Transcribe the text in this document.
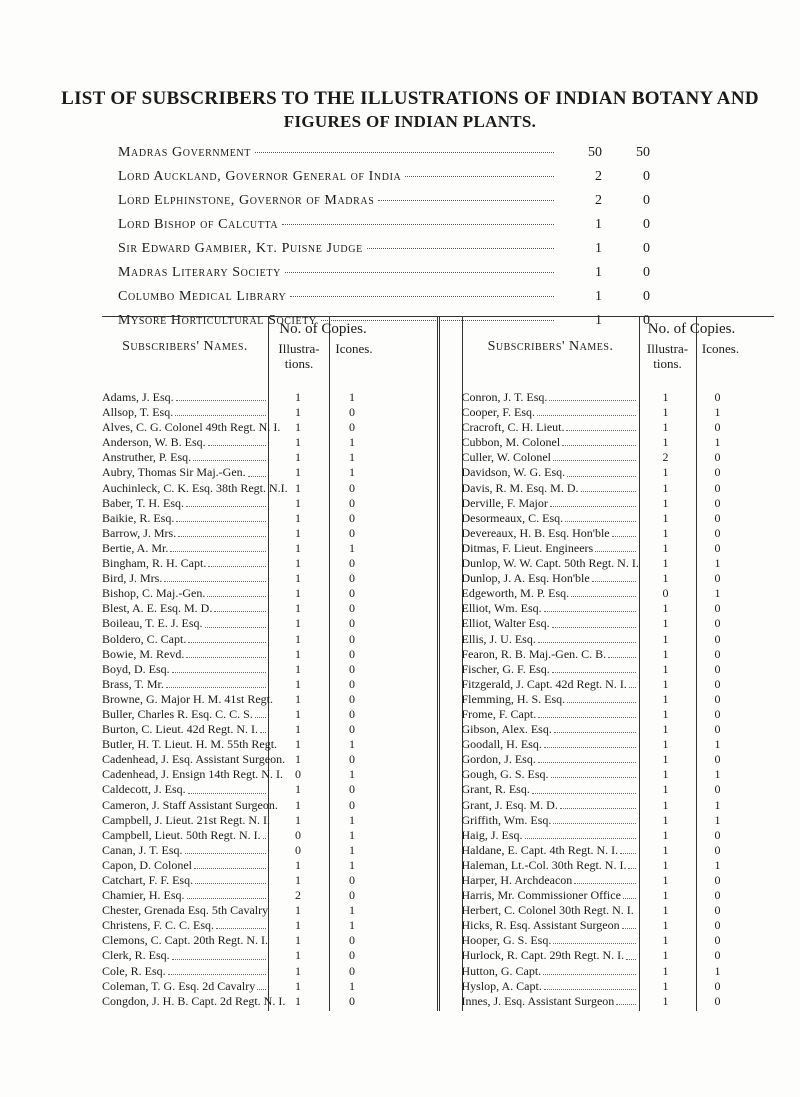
LIST OF SUBSCRIBERS TO THE ILLUSTRATIONS OF INDIAN BOTANY AND
FIGURES OF INDIAN PLANTS.
Madras Government	50	50
Lord Auckland, Governor General of India	2	0
Lord Elphinstone, Governor of Madras	2	0
Lord Bishop of Calcutta	1	0
Sir Edward Gambier, Kt. Puisne Judge	1	0
Madras Literary Society	1	0
Columbo Medical Library	1	0
Mysore Horticultural Society	1	0
Subscribers' Names.
No. of Copies.
Illustra-
tions.
Icones.
Adams, J. Esq.	1	1
Allsop, T. Esq.	1	0
Alves, C. G. Colonel 49th Regt. N. I.	1	0
Anderson, W. B. Esq.	1	1
Anstruther, P. Esq.	1	1
Aubry, Thomas Sir Maj.-Gen.	1	1
Auchinleck, C. K. Esq. 38th Regt. N.I. 1	0
Baber, T. H. Esq.	1	0
Baikie, R. Esq.	1	0
Barrow, J. Mrs.	1	0
Bertie, A. Mr.	1	1
Bingham, R. H. Capt.	1	0
Bird, J. Mrs.	1	0
Bishop, C. Maj.-Gen.	1	0
Blest, A. E. Esq. M. D.	1	0
Boileau, T. E. J. Esq.	1	0
Boldero, C. Capt.	1	0
Bowie, M. Revd.	1	0
Boyd, D. Esq.	1	0
Brass, T. Mr.	1	0
Browne, G. Major H. M. 41st Regt.	1	0
Buller, Charles R. Esq. C. C. S.	1	0
Burton, C. Lieut. 42d Regt. N. I.	1	0
Butler, H. T. Lieut. H. M. 55th Regt.	1	1
Cadenhead, J. Esq. Assistant Surgeon. 1	0
Cadenhead, J. Ensign 14th Regt. N. I.	0	1
Caldecott, J. Esq.	1	0
Cameron, J. Staff Assistant Surgeon.	1	0
Campbell, J. Lieut. 21st Regt. N. I.	1	1
Campbell, Lieut. 50th Regt. N. I.	0	1
Canan, J. T. Esq.	0	1
Capon, D. Colonel	1	1
Catchart, F. F. Esq.	1	0
Chamier, H. Esq.	2	0
Chester, Grenada Esq. 5th Cavalry	1	1
Christens, F. C. C. Esq.	1	1
Clemons, C. Capt. 20th Regt. N. I.	1	0
Clerk, R. Esq.	1	0
Cole, R. Esq.	1	0
Coleman, T. G. Esq. 2d Cavalry	1	1
Congdon, J. H. B. Capt. 2d Regt. N. I. 1	0
Subscribers' Names.
No. of Copies.
Illustra-
tions.
Icones.
Conron, J. T. Esq.	1	0
Cooper, F. Esq.	1	1
Cracroft, C. H. Lieut.	1	0
Cubbon, M. Colonel	1	1
Culler, W. Colonel	2	0
Davidson, W. G. Esq.	1	0
Davis, R. M. Esq. M. D.	1	0
Derville, F. Major	1	0
Desormeaux, C. Esq.	1	0
Devereaux, H. B. Esq. Hon'ble	1	0
Ditmas, F. Lieut. Engineers	1	0
Dunlop, W. W. Capt. 50th Regt. N. I.	1	1
Dunlop, J. A. Esq. Hon'ble	1	0
Edgeworth, M. P. Esq.	0	1
Elliot, Wm. Esq.	1	0
Elliot, Walter Esq.	1	0
Ellis, J. U. Esq.	1	0
Fearon, R. B. Maj.-Gen. C. B.	1	0
Fischer, G. F. Esq.	1	0
Fitzgerald, J. Capt. 42d Regt. N. I.	1	0
Flemming, H. S. Esq.	1	0
Frome, F. Capt.	1	0
Gibson, Alex. Esq.	1	0
Goodall, H. Esq.	1	1
Gordon, J. Esq.	1	0
Gough, G. S. Esq.	1	1
Grant, R. Esq.	1	0
Grant, J. Esq. M. D.	1	1
Griffith, Wm. Esq.	1	1
Haig, J. Esq.	1	0
Haldane, E. Capt. 4th Regt. N. I.	1	0
Haleman, Lt.-Col. 30th Regt. N. I.	1	1
Harper, H. Archdeacon	1	0
Harris, Mr. Commissioner Office	1	0
Herbert, C. Colonel 30th Regt. N. I.	1	0
Hicks, R. Esq. Assistant Surgeon	1	0
Hooper, G. S. Esq.	1	0
Hurlock, R. Capt. 29th Regt. N. I.	1	0
Hutton, G. Capt.	1	1
Hyslop, A. Capt.	1	0
Innes, J. Esq. Assistant Surgeon	1	0
